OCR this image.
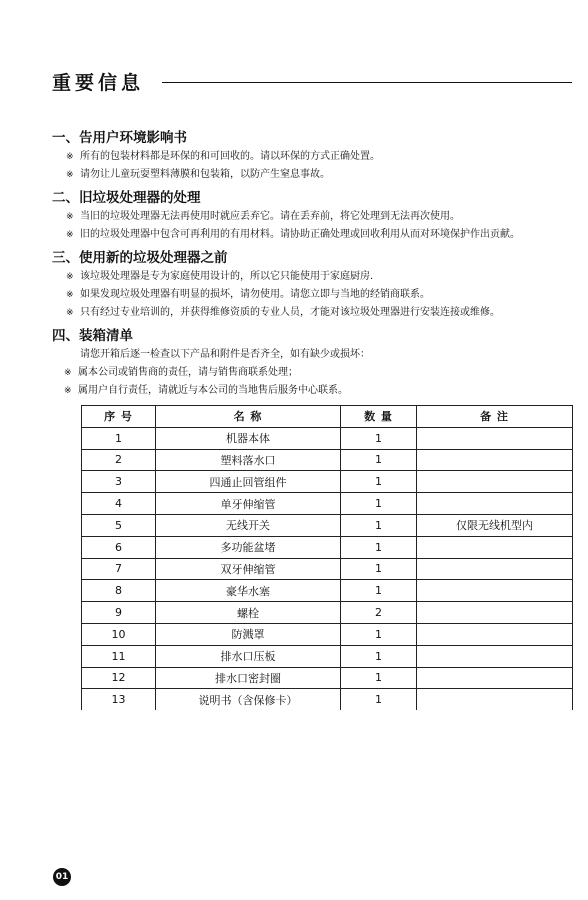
重要信息
一、告用户环境影响书
※ 所有的包装材料都是环保的和可回收的。请以环保的方式正确处置。
※ 请勿让儿童玩耍塑料薄膜和包装箱，以防产生窒息事故。
二、旧垃圾处理器的处理
※ 当旧的垃圾处理器无法再使用时就应丢弃它。请在丢弃前，将它处理到无法再次使用。
※ 旧的垃圾处理器中包含可再利用的有用材料。请协助正确处理或回收利用从而对环境保护作出贡献。
三、使用新的垃圾处理器之前
※ 该垃圾处理器是专为家庭使用设计的，所以它只能使用于家庭厨房.
※ 如果发现垃圾处理器有明显的损坏，请勿使用。请您立即与当地的经销商联系。
※ 只有经过专业培训的，并获得维修资质的专业人员，才能对该垃圾处理器进行安装连接或维修。
四、装箱清单
请您开箱后逐一检查以下产品和附件是否齐全，如有缺少或损坏：
※ 属本公司或销售商的责任，请与销售商联系处理；
※ 属用户自行责任，请就近与本公司的当地售后服务中心联系。
序 号	名 称	数 量	备 注
1	机器本体	1	
2	塑料落水口	1	
3	四通止回管组件	1	
4	单牙伸缩管	1	
5	无线开关	1	仅限无线机型内
6	多功能盆堵	1	
7	双牙伸缩管	1	
8	豪华水塞	1	
9	螺栓	2	
10	防溅罩	1	
11	排水口压板	1	
12	排水口密封圈	1	
13	说明书（含保修卡）	1	
01
